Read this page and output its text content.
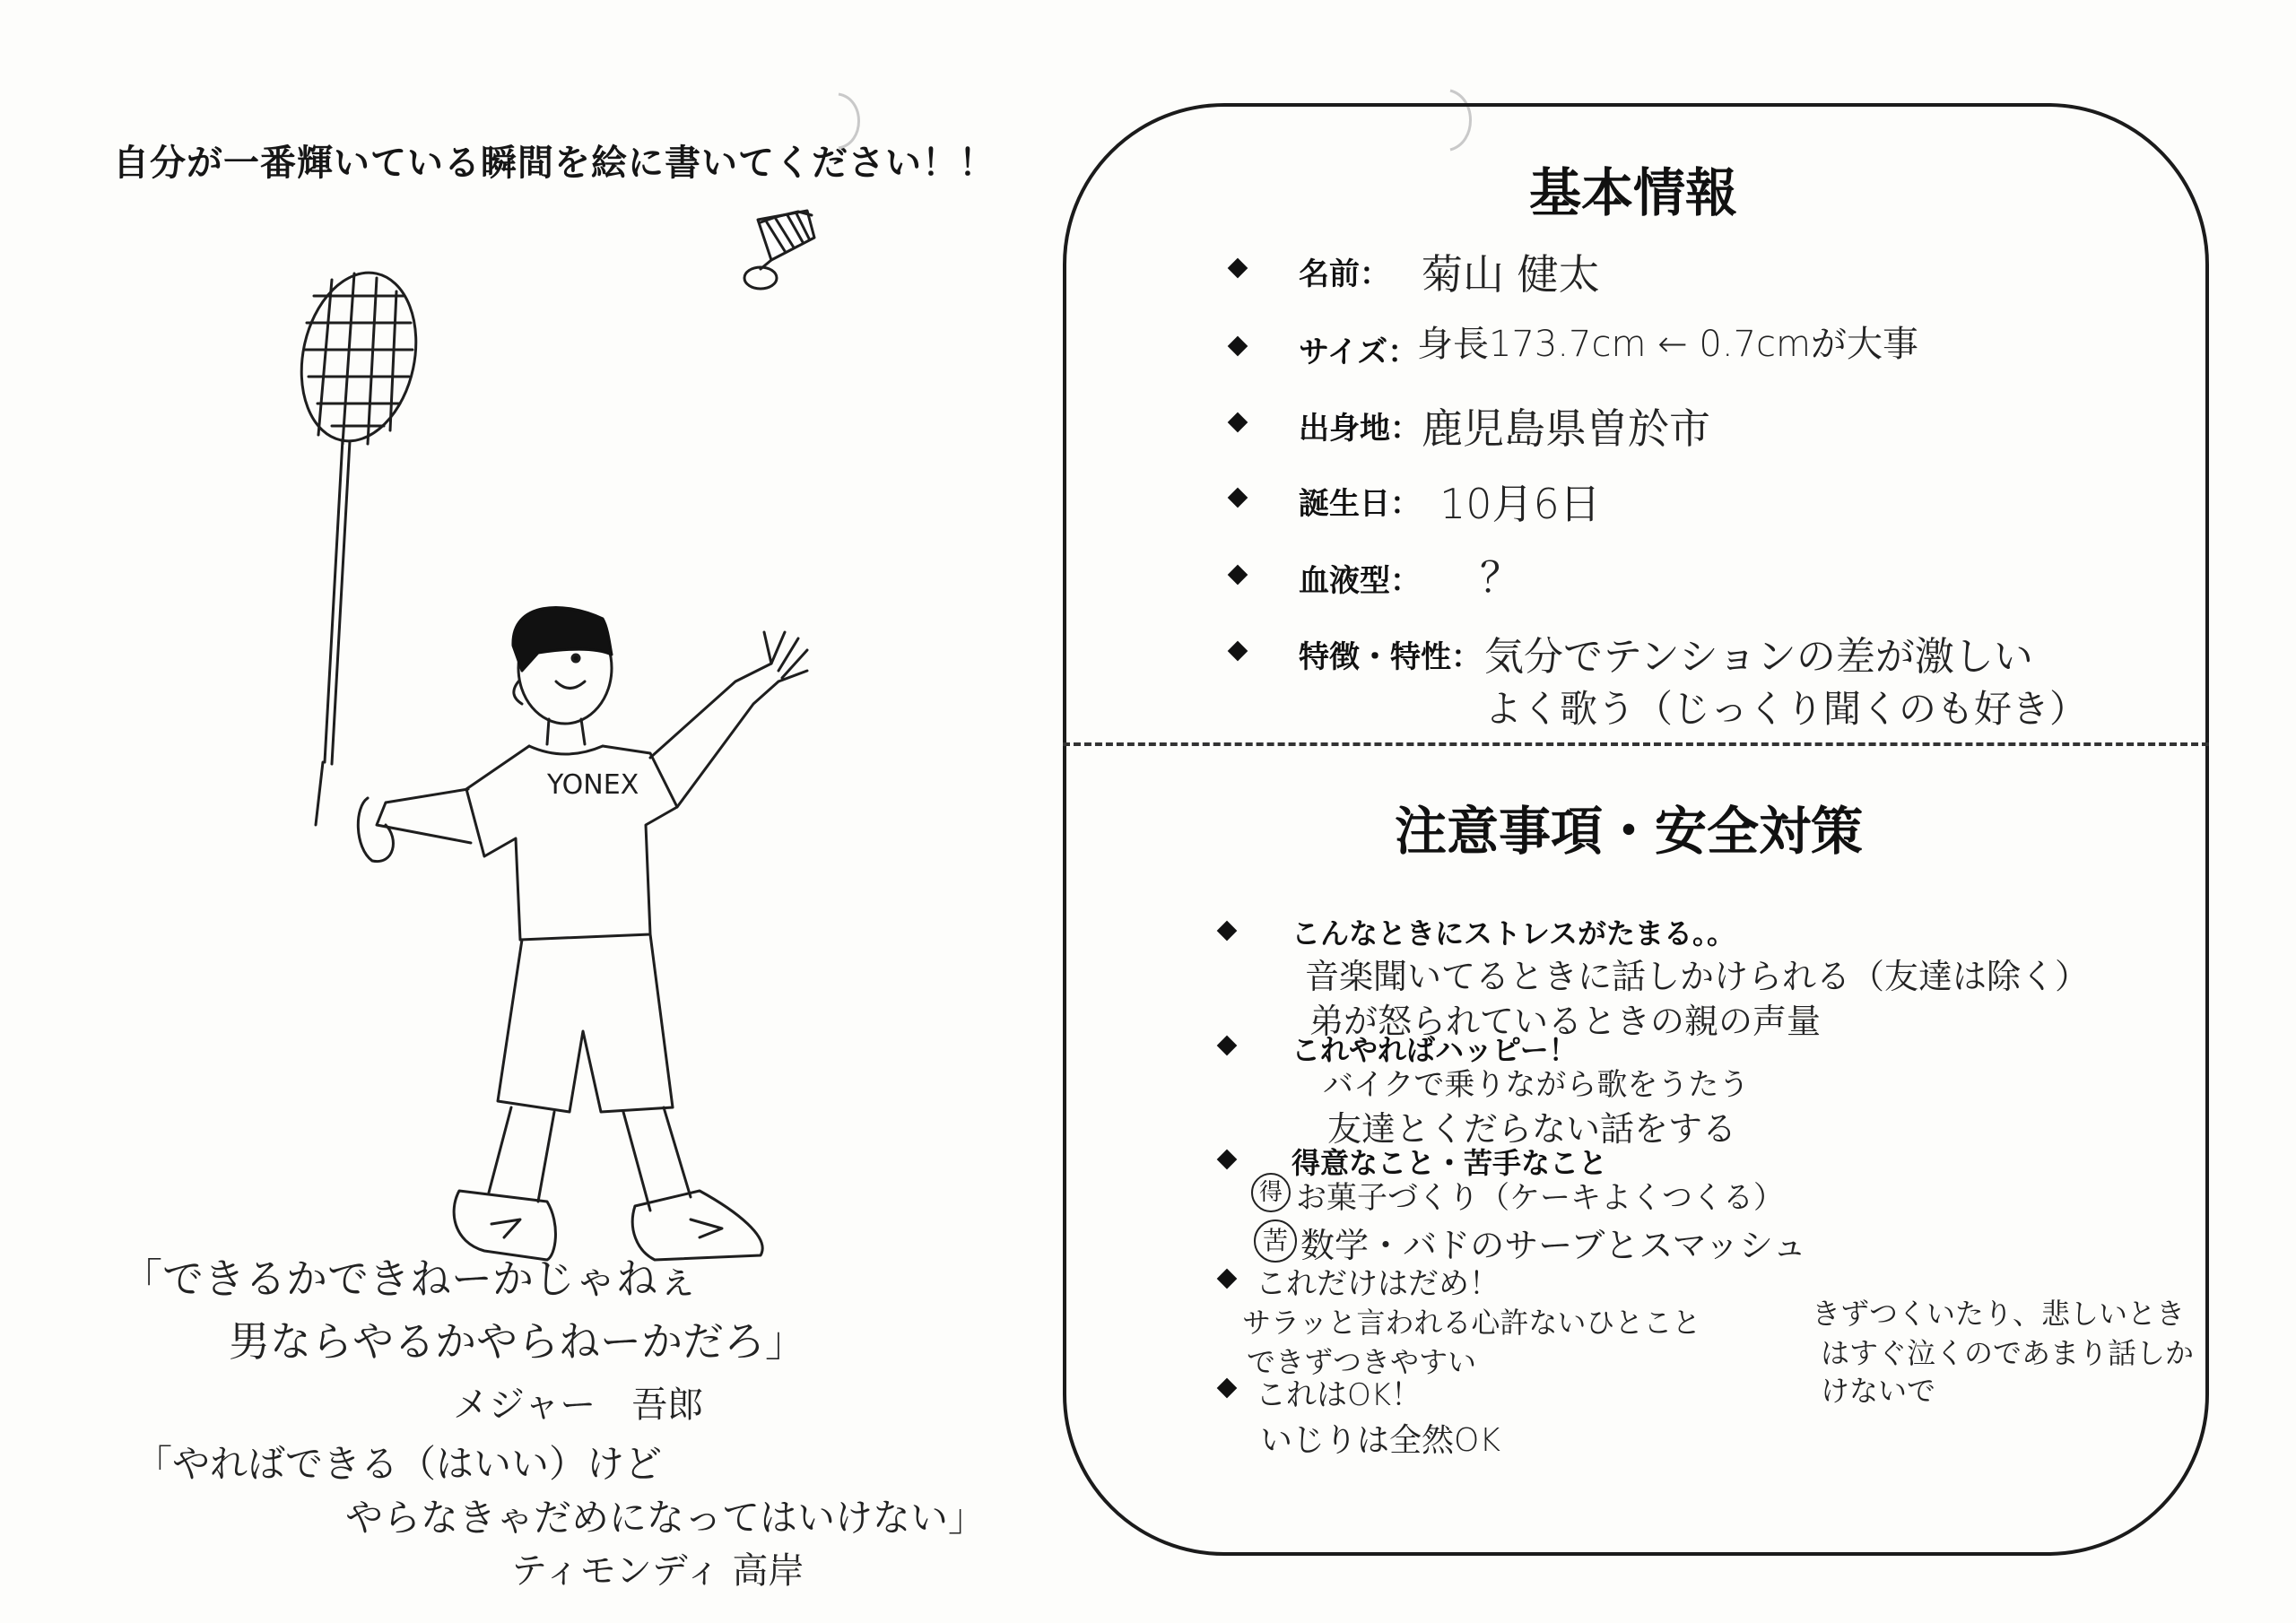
自分が一番輝いている瞬間を絵に書いてください！！
YONEX
「できるかできねーかじゃねぇ
男ならやるかやらねーかだろ」
メジャー　吾郎
「やればできる（はいい）けど
やらなきゃだめになってはいけない」
ティモンディ 高岸
基本情報
名前： 菊山 健太
サイズ：
身長173.7cm ← 0.7cmが大事
出身地： 鹿児島県曽於市
誕生日： 10月6日
血液型： ？
特徴・特性： 気分でテンションの差が激しい
よく歌う（じっくり聞くのも好き）
注意事項・安全対策
こんなときにストレスがたまる。。
音楽聞いてるときに話しかけられる（友達は除く）
弟が怒られているときの親の声量
これやればハッピー！
バイクで乗りながら歌をうたう
友達とくだらない話をする
得意なこと・苦手なこと
得 お菓子づくり（ケーキよくつくる）
苦 数学・バドのサーブとスマッシュ
これだけはだめ！
サラッと言われる心許ないひとこと
できずつきやすい
これはOK！
いじりは全然OK
きずつくいたり、悲しいとき
はすぐ泣くのであまり話しか
けないで
